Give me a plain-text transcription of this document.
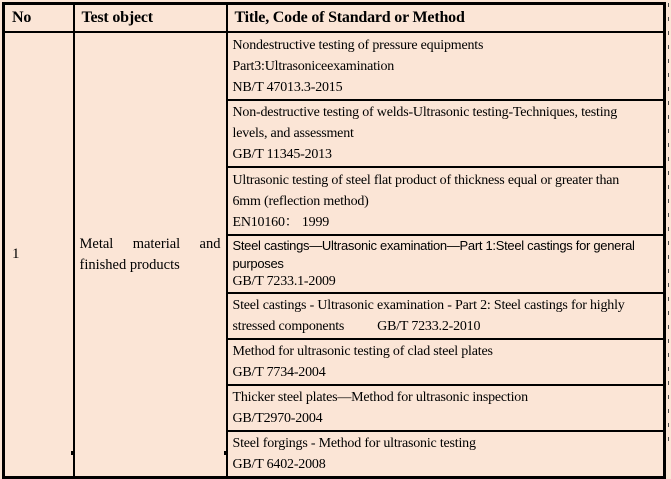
No	Test object	Title, Code of Standard or Method
1	Metal material and finished products	Nondestructive testing of pressure equipments
Part3:Ultrasoniceexamination
NB/T 47013.3-2015

		Non-destructive testing of welds-Ultrasonic testing-Techniques, testing
levels, and assessment
GB/T 11345-2013

		Ultrasonic testing of steel flat product of thickness equal or greater than
6mm (reflection method)
EN10160： 1999

		Steel castings—Ultrasonic examination—Part 1:Steel castings for general
purposes
GB/T 7233.1-2009

		Steel castings - Ultrasonic examination - Part 2: Steel castings for highly
stressed components          GB/T 7233.2-2010

		Method for ultrasonic testing of clad steel plates
GB/T 7734-2004

		Thicker steel plates—Method for ultrasonic inspection
GB/T2970-2004

		Steel forgings - Method for ultrasonic testing
GB/T 6402-2008
